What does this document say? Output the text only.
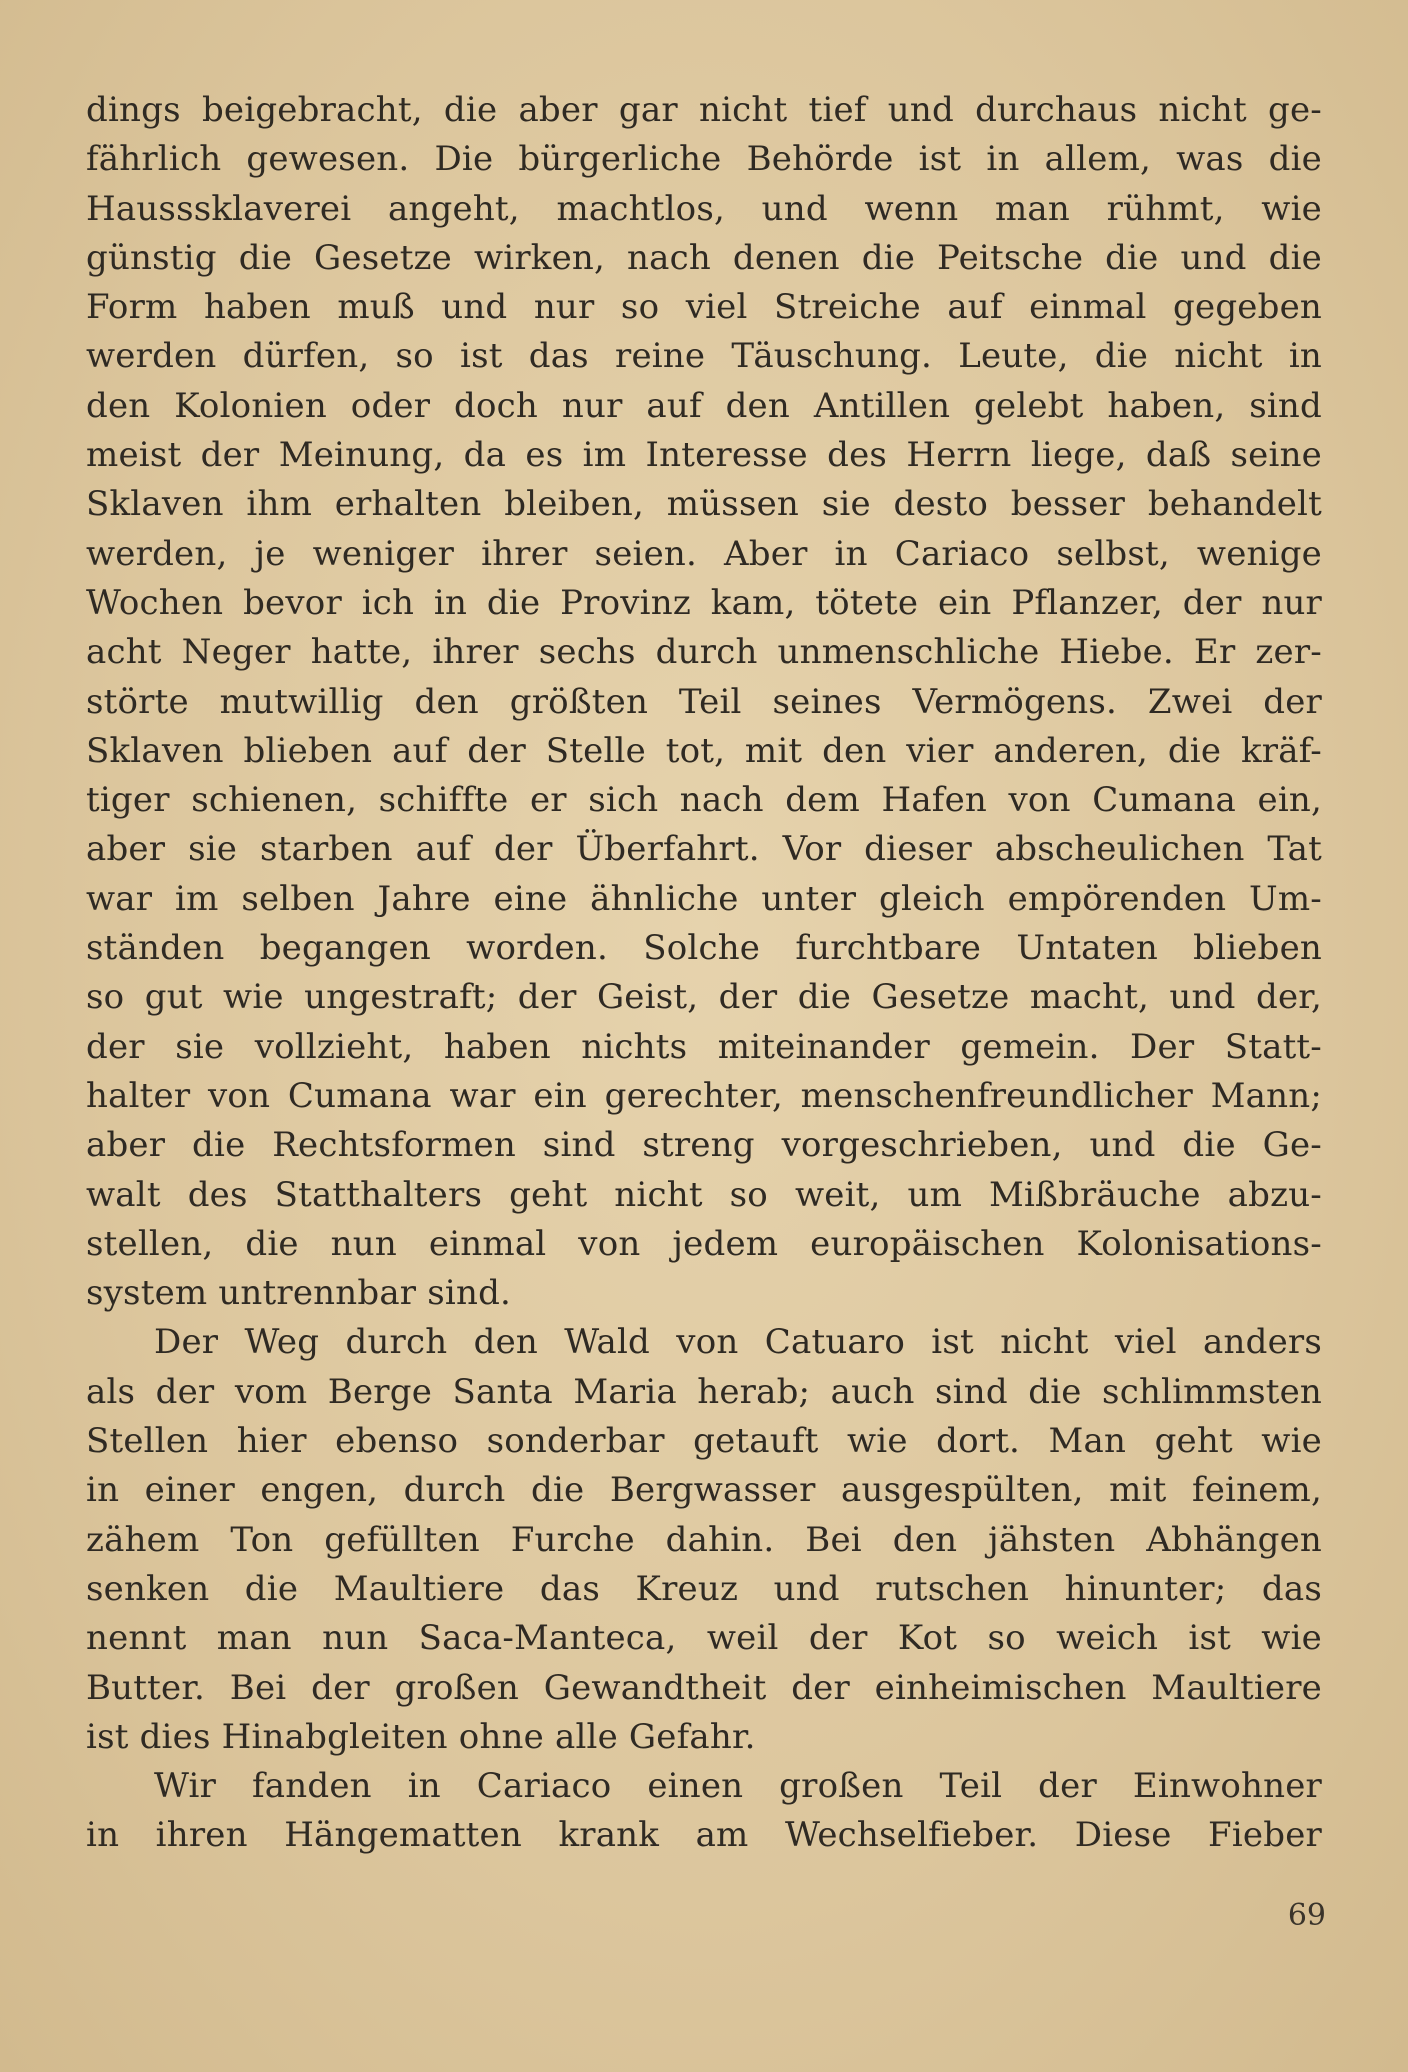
dings beigebracht, die aber gar nicht tief und durchaus nicht ge-
fährlich gewesen. Die bürgerliche Behörde ist in allem, was die
Hausssklaverei angeht, machtlos, und wenn man rühmt, wie
günstig die Gesetze wirken, nach denen die Peitsche die und die
Form haben muß und nur so viel Streiche auf einmal gegeben
werden dürfen, so ist das reine Täuschung. Leute, die nicht in
den Kolonien oder doch nur auf den Antillen gelebt haben, sind
meist der Meinung, da es im Interesse des Herrn liege, daß seine
Sklaven ihm erhalten bleiben, müssen sie desto besser behandelt
werden, je weniger ihrer seien. Aber in Cariaco selbst, wenige
Wochen bevor ich in die Provinz kam, tötete ein Pflanzer, der nur
acht Neger hatte, ihrer sechs durch unmenschliche Hiebe. Er zer-
störte mutwillig den größten Teil seines Vermögens. Zwei der
Sklaven blieben auf der Stelle tot, mit den vier anderen, die kräf-
tiger schienen, schiffte er sich nach dem Hafen von Cumana ein,
aber sie starben auf der Überfahrt. Vor dieser abscheulichen Tat
war im selben Jahre eine ähnliche unter gleich empörenden Um-
ständen begangen worden. Solche furchtbare Untaten blieben
so gut wie ungestraft; der Geist, der die Gesetze macht, und der,
der sie vollzieht, haben nichts miteinander gemein. Der Statt-
halter von Cumana war ein gerechter, menschenfreundlicher Mann;
aber die Rechtsformen sind streng vorgeschrieben, und die Ge-
walt des Statthalters geht nicht so weit, um Mißbräuche abzu-
stellen, die nun einmal von jedem europäischen Kolonisations-
system untrennbar sind.
Der Weg durch den Wald von Catuaro ist nicht viel anders
als der vom Berge Santa Maria herab; auch sind die schlimmsten
Stellen hier ebenso sonderbar getauft wie dort. Man geht wie
in einer engen, durch die Bergwasser ausgespülten, mit feinem,
zähem Ton gefüllten Furche dahin. Bei den jähsten Abhängen
senken die Maultiere das Kreuz und rutschen hinunter; das
nennt man nun Saca-Manteca, weil der Kot so weich ist wie
Butter. Bei der großen Gewandtheit der einheimischen Maultiere
ist dies Hinabgleiten ohne alle Gefahr.
Wir fanden in Cariaco einen großen Teil der Einwohner
in ihren Hängematten krank am Wechselfieber. Diese Fieber
69
